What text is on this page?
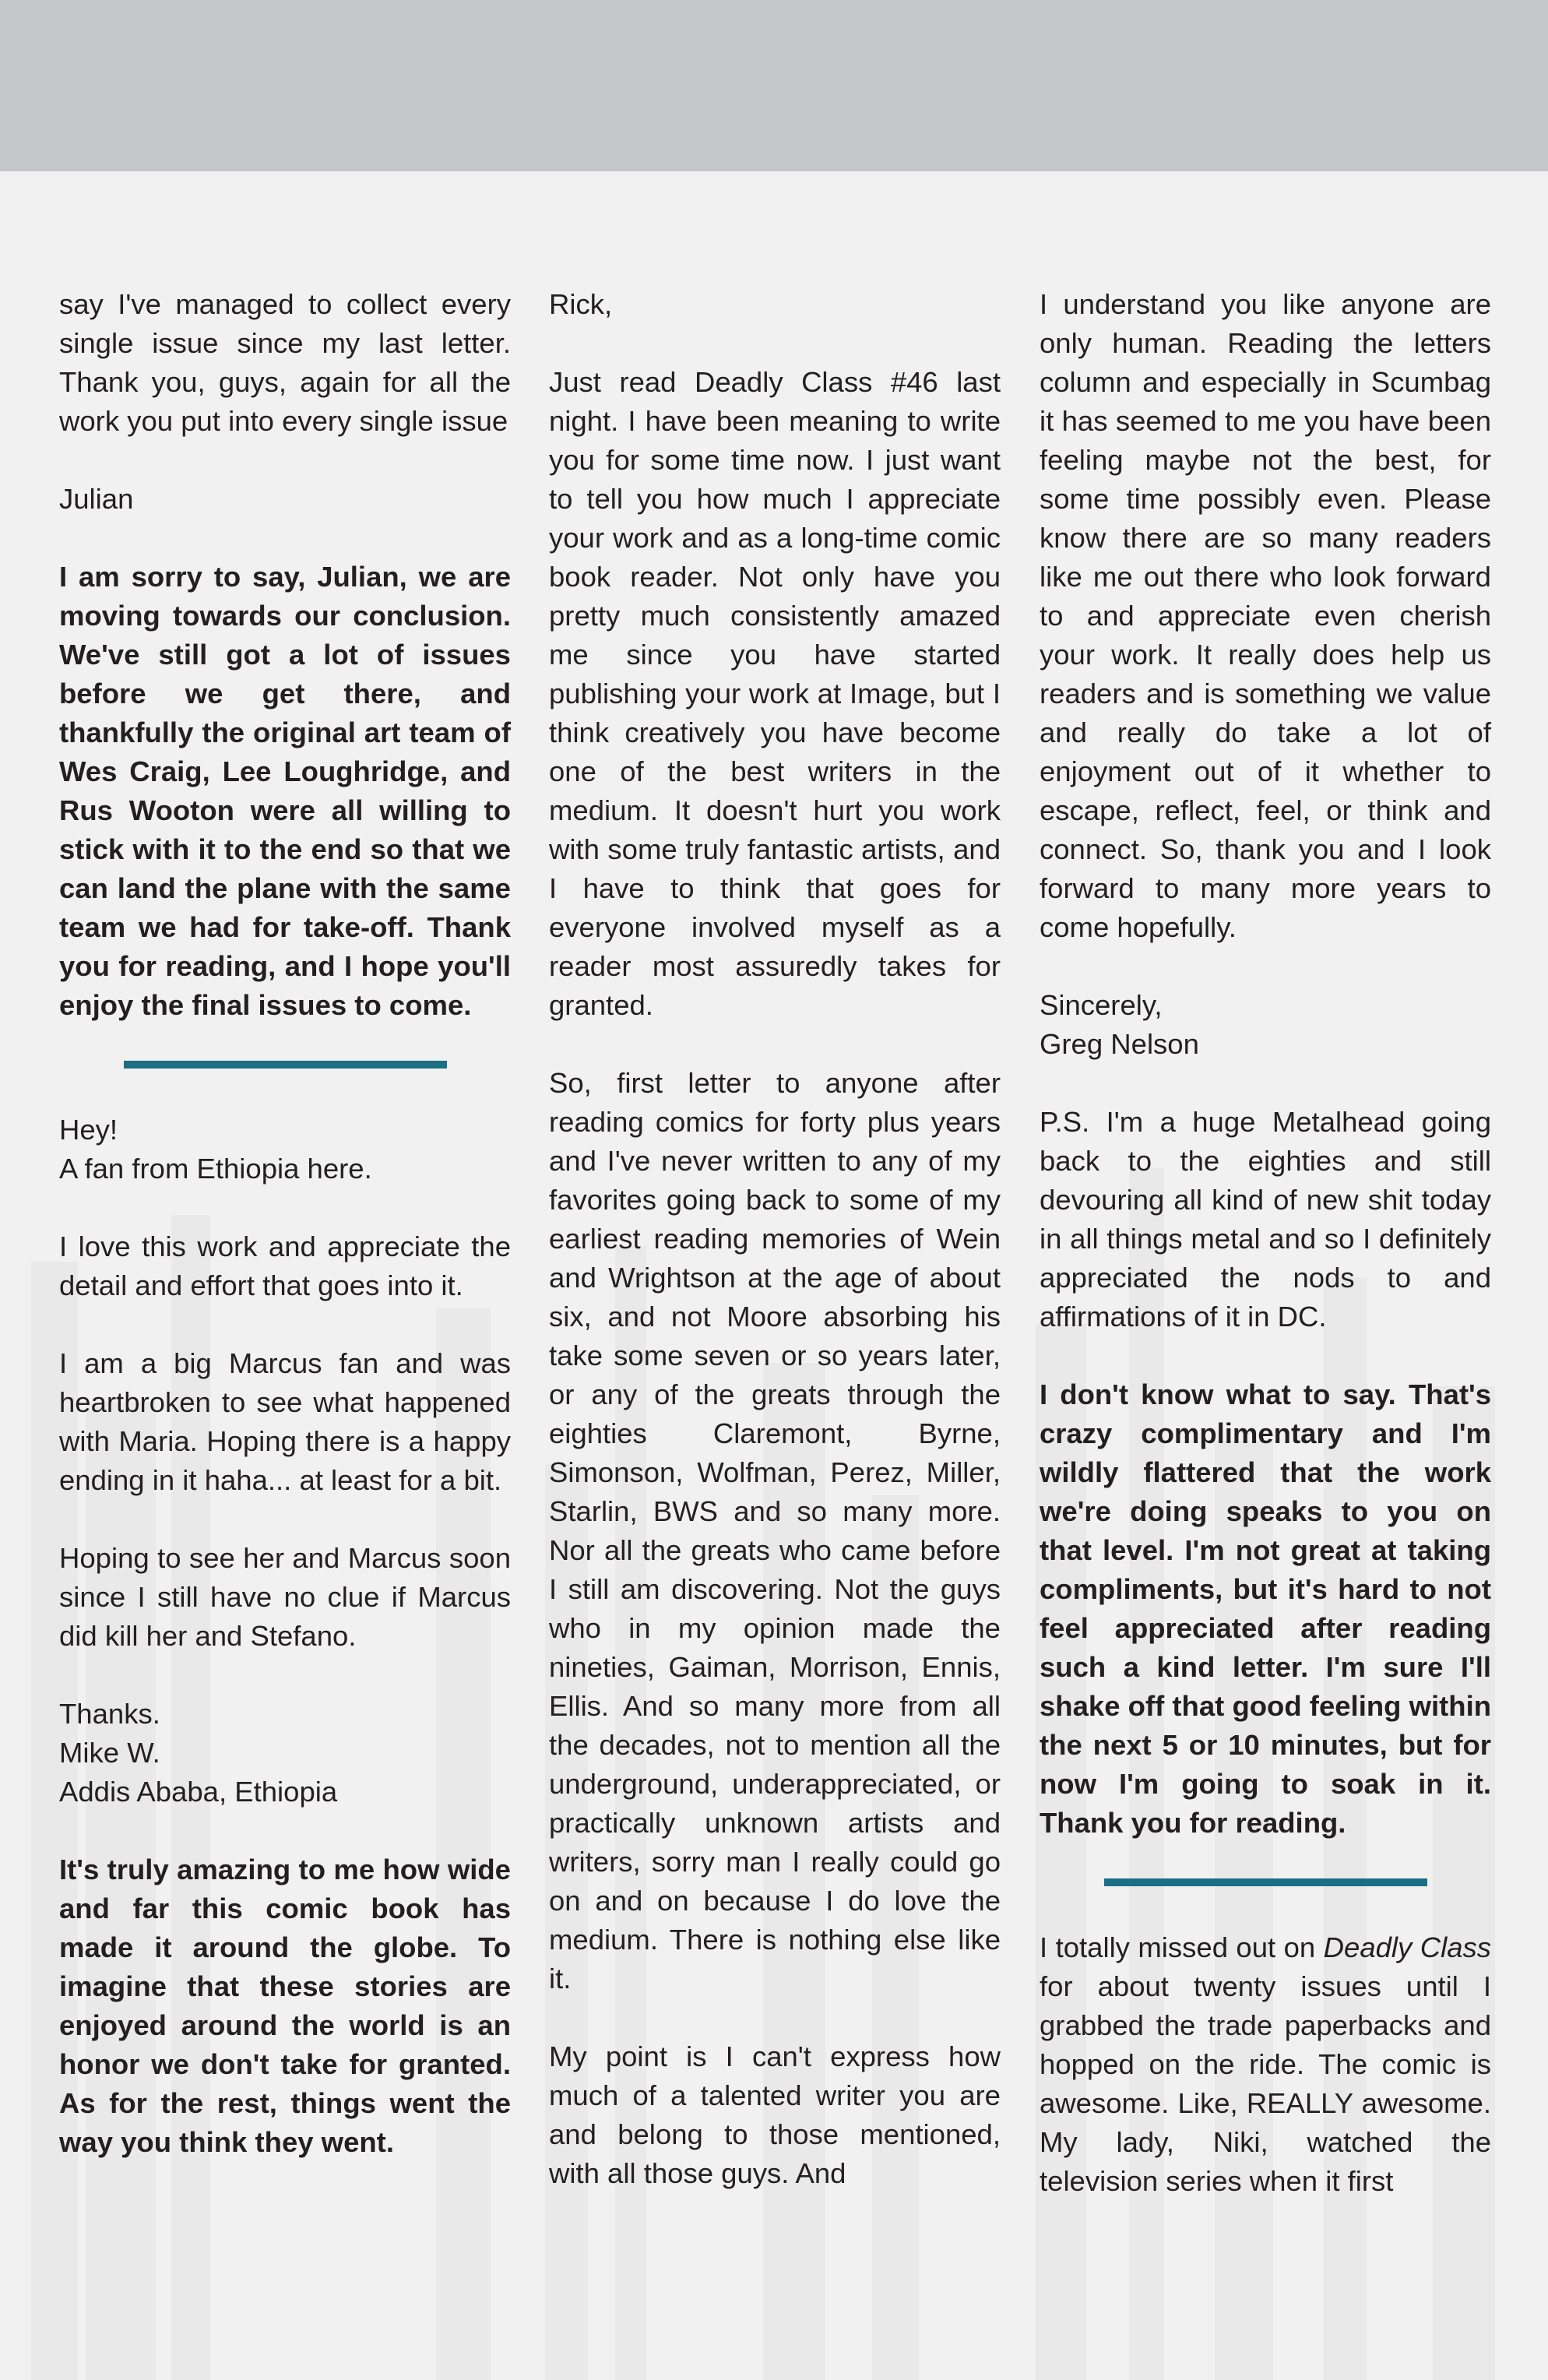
say I've managed to collect every single issue since my last letter. Thank you, guys, again for all the work you put into every single issue

Julian

I am sorry to say, Julian, we are moving towards our conclusion. We've still got a lot of issues before we get there, and thankfully the original art team of Wes Craig, Lee Loughridge, and Rus Wooton were all willing to stick with it to the end so that we can land the plane with the same team we had for take-off. Thank you for reading, and I hope you'll enjoy the final issues to come.

Hey!
A fan from Ethiopia here.

I love this work and appreciate the detail and effort that goes into it.

I am a big Marcus fan and was heartbroken to see what happened with Maria. Hoping there is a happy ending in it haha... at least for a bit.

Hoping to see her and Marcus soon since I still have no clue if Marcus did kill her and Stefano.

Thanks.
Mike W.
Addis Ababa, Ethiopia

It's truly amazing to me how wide and far this comic book has made it around the globe. To imagine that these stories are enjoyed around the world is an honor we don't take for granted. As for the rest, things went the way you think they went.

Rick,

Just read Deadly Class #46 last night. I have been meaning to write you for some time now. I just want to tell you how much I appreciate your work and as a long-time comic book reader. Not only have you pretty much consistently amazed me since you have started publishing your work at Image, but I think creatively you have become one of the best writers in the medium. It doesn't hurt you work with some truly fantastic artists, and I have to think that goes for everyone involved myself as a reader most assuredly takes for granted.

So, first letter to anyone after reading comics for forty plus years and I've never written to any of my favorites going back to some of my earliest reading memories of Wein and Wrightson at the age of about six, and not Moore absorbing his take some seven or so years later, or any of the greats through the eighties Claremont, Byrne, Simonson, Wolfman, Perez, Miller, Starlin, BWS and so many more. Nor all the greats who came before I still am discovering. Not the guys who in my opinion made the nineties, Gaiman, Morrison, Ennis, Ellis. And so many more from all the decades, not to mention all the underground, underappreciated, or practically unknown artists and writers, sorry man I really could go on and on because I do love the medium. There is nothing else like it.

My point is I can't express how much of a talented writer you are and belong to those mentioned, with all those guys. And

I understand you like anyone are only human. Reading the letters column and especially in Scumbag it has seemed to me you have been feeling maybe not the best, for some time possibly even. Please know there are so many readers like me out there who look forward to and appreciate even cherish your work. It really does help us readers and is something we value and really do take a lot of enjoyment out of it whether to escape, reflect, feel, or think and connect. So, thank you and I look forward to many more years to come hopefully.

Sincerely,
Greg Nelson

P.S. I'm a huge Metalhead going back to the eighties and still devouring all kind of new shit today in all things metal and so I definitely appreciated the nods to and affirmations of it in DC.

I don't know what to say. That's crazy complimentary and I'm wildly flattered that the work we're doing speaks to you on that level. I'm not great at taking compliments, but it's hard to not feel appreciated after reading such a kind letter. I'm sure I'll shake off that good feeling within the next 5 or 10 minutes, but for now I'm going to soak in it. Thank you for reading.

I totally missed out on Deadly Class for about twenty issues until I grabbed the trade paperbacks and hopped on the ride. The comic is awesome. Like, REALLY awesome. My lady, Niki, watched the television series when it first
